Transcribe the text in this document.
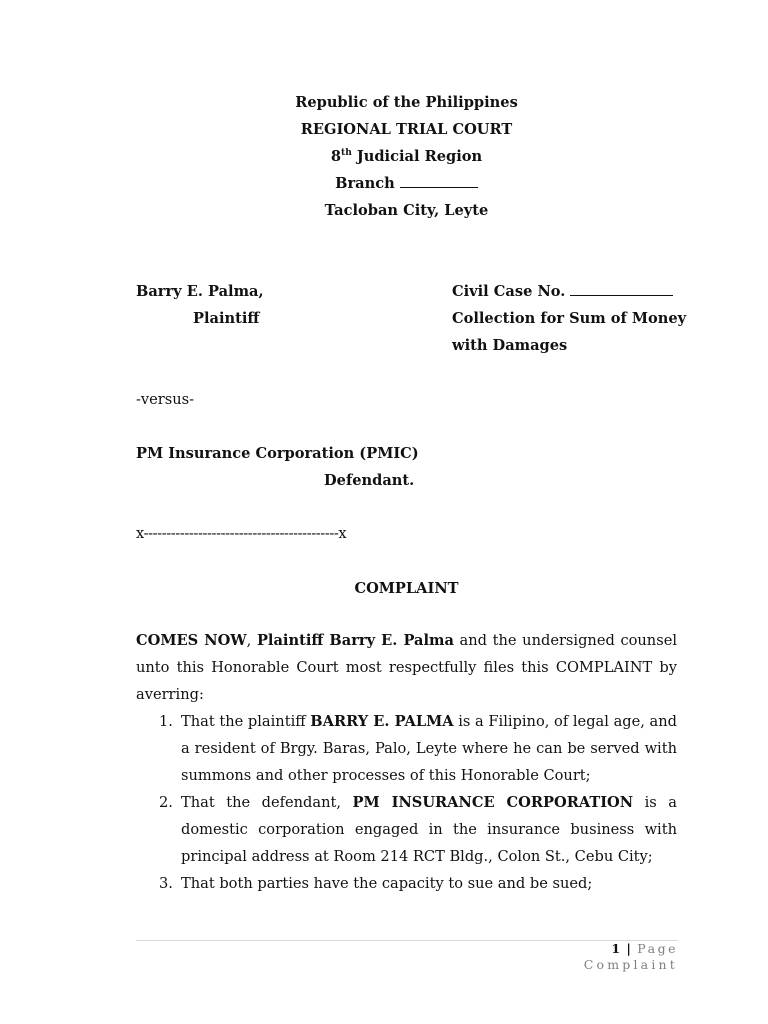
Republic of the Philippines
REGIONAL TRIAL COURT
8th Judicial Region
Branch
Tacloban City, Leyte
Barry E. Palma,
Plaintiff
Civil Case No.
Collection for Sum of Money
with Damages
-versus-
PM Insurance Corporation (PMIC)
Defendant.
x-------------------------------------------x
COMPLAINT
COMES NOW, Plaintiff Barry E. Palma and the undersigned counsel
unto this Honorable Court most respectfully files this COMPLAINT by
averring:
1. That the plaintiff BARRY E. PALMA is a Filipino, of legal age, and a resident of Brgy. Baras, Palo, Leyte where he can be served with summons and other processes of this Honorable Court;
2. That the defendant, PM INSURANCE CORPORATION is a domestic corporation engaged in the insurance business with principal address at Room 214 RCT Bldg., Colon St., Cebu City;
3. That both parties have the capacity to sue and be sued;
1 | Page
Complaint
